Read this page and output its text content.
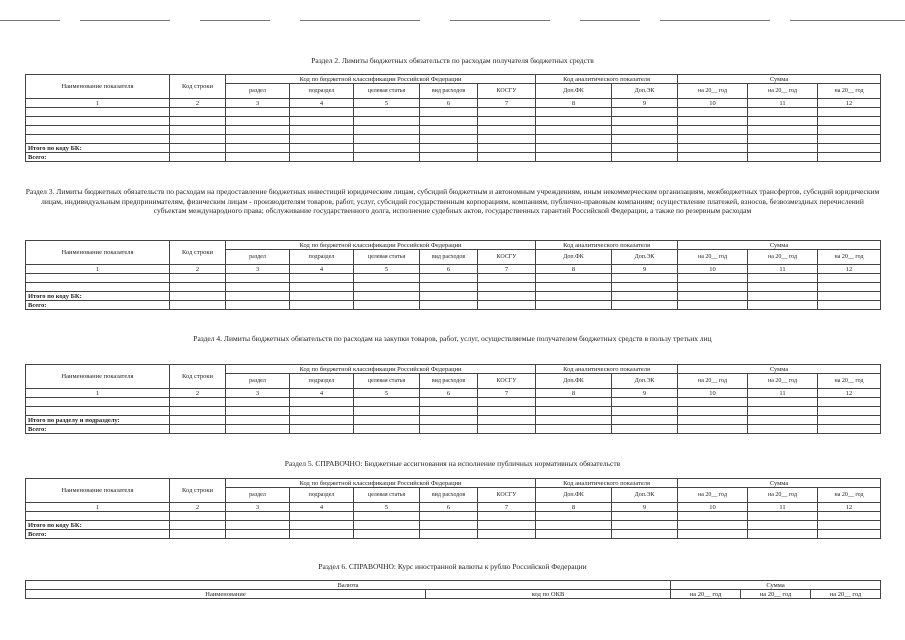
Раздел 2. Лимиты бюджетных обязательств по расходам получателя бюджетных средств

Наименование показателя	Код строки	Код по бюджетной классификации Российской Федерации					Код аналитического показателя		Сумма		
		раздел	подраздел	целевая статья	вид расходов	КОСГУ	Доп.ФК	Доп.ЭК	на 20__ год	на 20__ год	на 20__ год
1	2	3	4	5	6	7	8	9	10	11	12

Итого по коду БК:											
Всего:											

Раздел 3. Лимиты бюджетных обязательств по расходам на предоставление бюджетных инвестиций юридическим лицам, субсидий бюджетным и автономным учреждениям, иным некоммерческим организациям, межбюджетных трансфертов, субсидий юридическим лицам, индивидуальным предпринимателям, физическим лицам - производителям товаров, работ, услуг, субсидий государственным корпорациям, компаниям, публично-правовым компаниям; осуществление платежей, взносов, безвозмездных перечислений субъектам международного права; обслуживание государственного долга, исполнение судебных актов, государственных гарантий Российской Федерации, а также по резервным расходам

Наименование показателя	Код строки	Код по бюджетной классификации Российской Федерации					Код аналитического показателя		Сумма		
		раздел	подраздел	целевая статья	вид расходов	КОСГУ	Доп.ФК	Доп.ЭК	на 20__ год	на 20__ год	на 20__ год
1	2	3	4	5	6	7	8	9	10	11	12

Итого по коду БК:											
Всего:											

Раздел 4. Лимиты бюджетных обязательств по расходам на закупки товаров, работ, услуг, осуществляемые получателем бюджетных средств в пользу третьих лиц

Наименование показателя	Код строки	Код по бюджетной классификации Российской Федерации					Код аналитического показателя		Сумма		
		раздел	подраздел	целевая статья	вид расходов	КОСГУ	Доп.ФК	Доп.ЭК	на 20__ год	на 20__ год	на 20__ год
1	2	3	4	5	6	7	8	9	10	11	12

Итого по разделу и подразделу:											
Всего:											

Раздел 5. СПРАВОЧНО: Бюджетные ассигнования на исполнение публичных нормативных обязательств

Наименование показателя	Код строки	Код по бюджетной классификации Российской Федерации					Код аналитического показателя		Сумма		
		раздел	подраздел	целевая статья	вид расходов	КОСГУ	Доп.ФК	Доп.ЭК	на 20__ год	на 20__ год	на 20__ год
1	2	3	4	5	6	7	8	9	10	11	12

Итого по коду БК:											
Всего:											

Раздел 6. СПРАВОЧНО: Курс иностранной валюты к рублю Российской Федерации

Валюта		Сумма		
Наименование	код по ОКВ	на 20__ год	на 20__ год	на 20__ год
